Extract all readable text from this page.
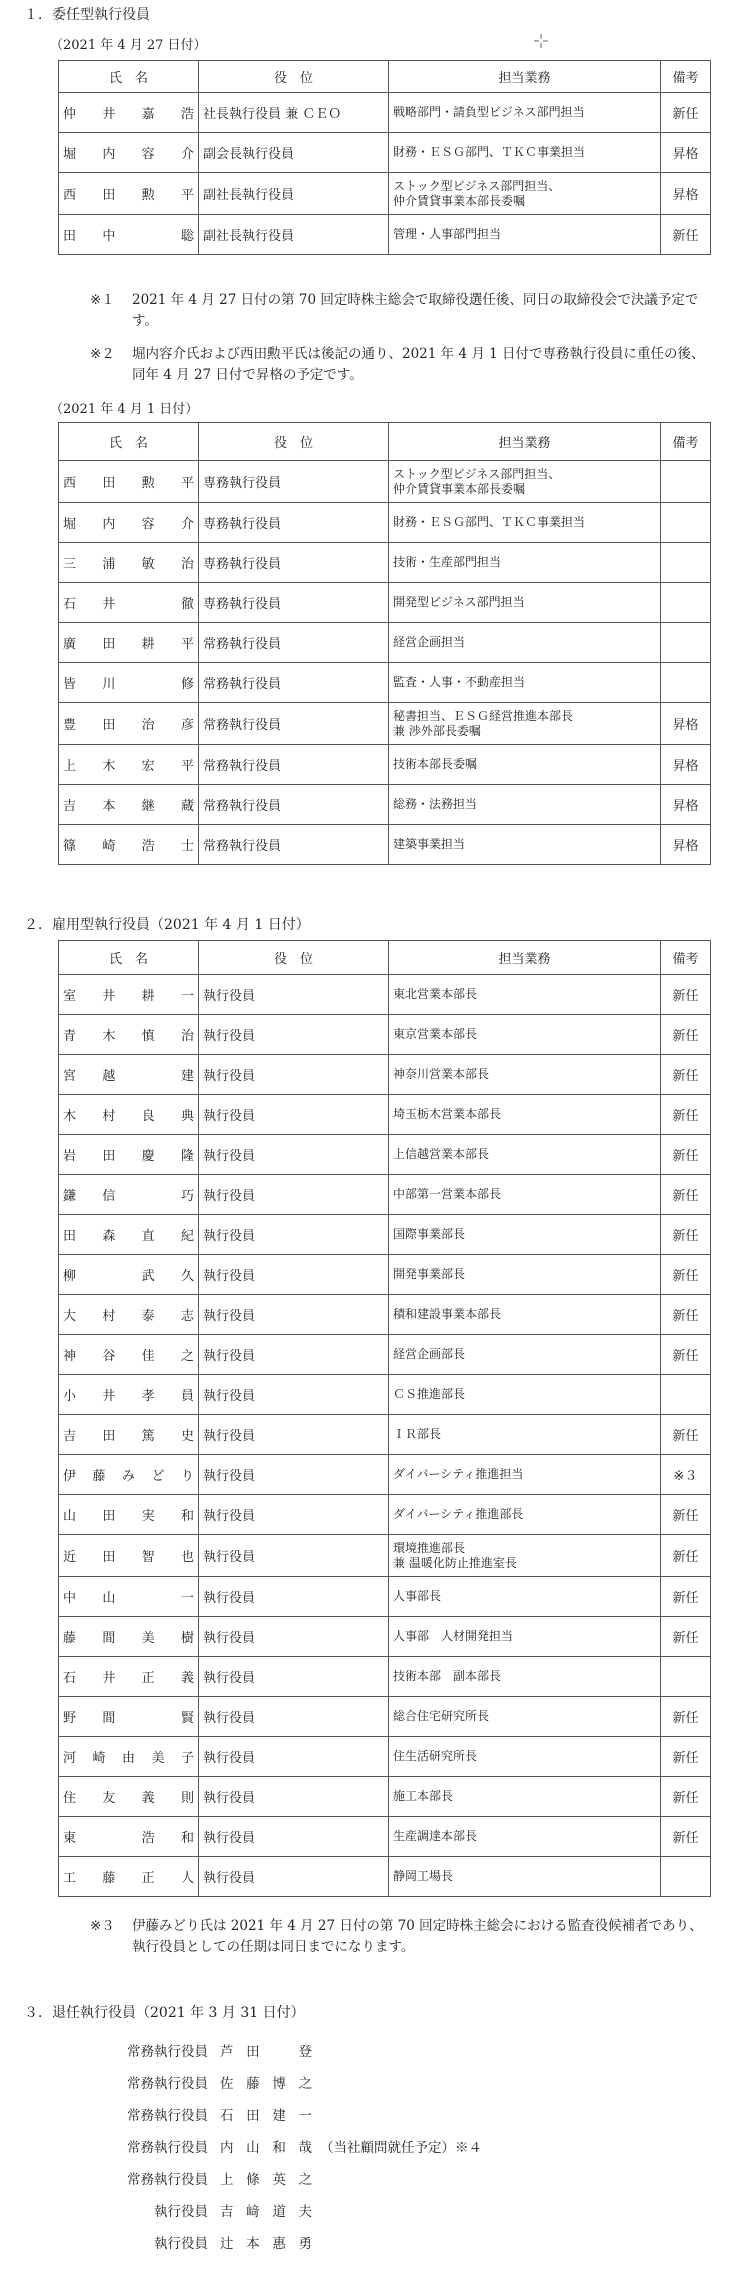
１．委任型執行役員
（2021 年 4 月 27 日付）
氏　名	役　位	担当業務	備考
仲井嘉浩	社長執行役員 兼 ＣＥＯ	戦略部門・請負型ビジネス部門担当	新任
堀内容介	副会長執行役員	財務・ＥＳＧ部門、ＴＫＣ事業担当	昇格
西田勲平	副社長執行役員	ストック型ビジネス部門担当、
仲介賃貸事業本部長委嘱	昇格
田中　聡	副社長執行役員	管理・人事部門担当	新任
※１ 2021 年 4 月 27 日付の第 70 回定時株主総会で取締役選任後、同日の取締役会で決議予定です。
※２ 堀内容介氏および西田勲平氏は後記の通り、2021 年 4 月 1 日付で専務執行役員に重任の後、同年 4 月 27 日付で昇格の予定です。
（2021 年 4 月 1 日付）
氏　名	役　位	担当業務	備考
西田勲平	専務執行役員	ストック型ビジネス部門担当、
仲介賃貸事業本部長委嘱	

堀内容介	専務執行役員	財務・ＥＳＧ部門、ＴＫＣ事業担当	

三浦敏治	専務執行役員	技術・生産部門担当	

石井　徹	専務執行役員	開発型ビジネス部門担当	

廣田耕平	常務執行役員	経営企画担当	

皆川　修	常務執行役員	監査・人事・不動産担当	

豊田治彦	常務執行役員	秘書担当、ＥＳＧ経営推進本部長
兼 渉外部長委嘱	昇格
上木宏平	常務執行役員	技術本部長委嘱	昇格
吉本継蔵	常務執行役員	総務・法務担当	昇格
篠崎浩士	常務執行役員	建築事業担当	昇格
２．雇用型執行役員（2021 年 4 月 1 日付）
氏　名	役　位	担当業務	備考
室井耕一	執行役員	東北営業本部長	新任
青木慎治	執行役員	東京営業本部長	新任
宮越　建	執行役員	神奈川営業本部長	新任
木村良典	執行役員	埼玉栃木営業本部長	新任
岩田慶隆	執行役員	上信越営業本部長	新任
鎌信　巧	執行役員	中部第一営業本部長	新任
田森直紀	執行役員	国際事業部長	新任
柳　武久	執行役員	開発事業部長	新任
大村泰志	執行役員	積和建設事業本部長	新任
神谷佳之	執行役員	経営企画部長	新任
小井孝員	執行役員	ＣＳ推進部長	

吉田篤史	執行役員	ＩＲ部長	新任
伊藤みどり	執行役員	ダイバーシティ推進担当	※３
山田実和	執行役員	ダイバーシティ推進部長	新任
近田智也	執行役員	環境推進部長
兼 温暖化防止推進室長	新任
中山　一	執行役員	人事部長	新任
藤間美樹	執行役員	人事部　人材開発担当	新任
石井正義	執行役員	技術本部　副本部長	

野間　賢	執行役員	総合住宅研究所長	新任
河崎由美子	執行役員	住生活研究所長	新任
住友義則	執行役員	施工本部長	新任
東　浩和	執行役員	生産調達本部長	新任
工藤正人	執行役員	静岡工場長	

※３ 伊藤みどり氏は 2021 年 4 月 27 日付の第 70 回定時株主総会における監査役候補者であり、執行役員としての任期は同日までになります。
３．退任執行役員（2021 年 3 月 31 日付）
常務執行役員 芦田　登
常務執行役員 佐藤博之
常務執行役員 石田建一
常務執行役員 内山和哉 （当社顧問就任予定）※４
常務執行役員 上條英之
執行役員 吉﨑道夫
執行役員 辻本惠勇
